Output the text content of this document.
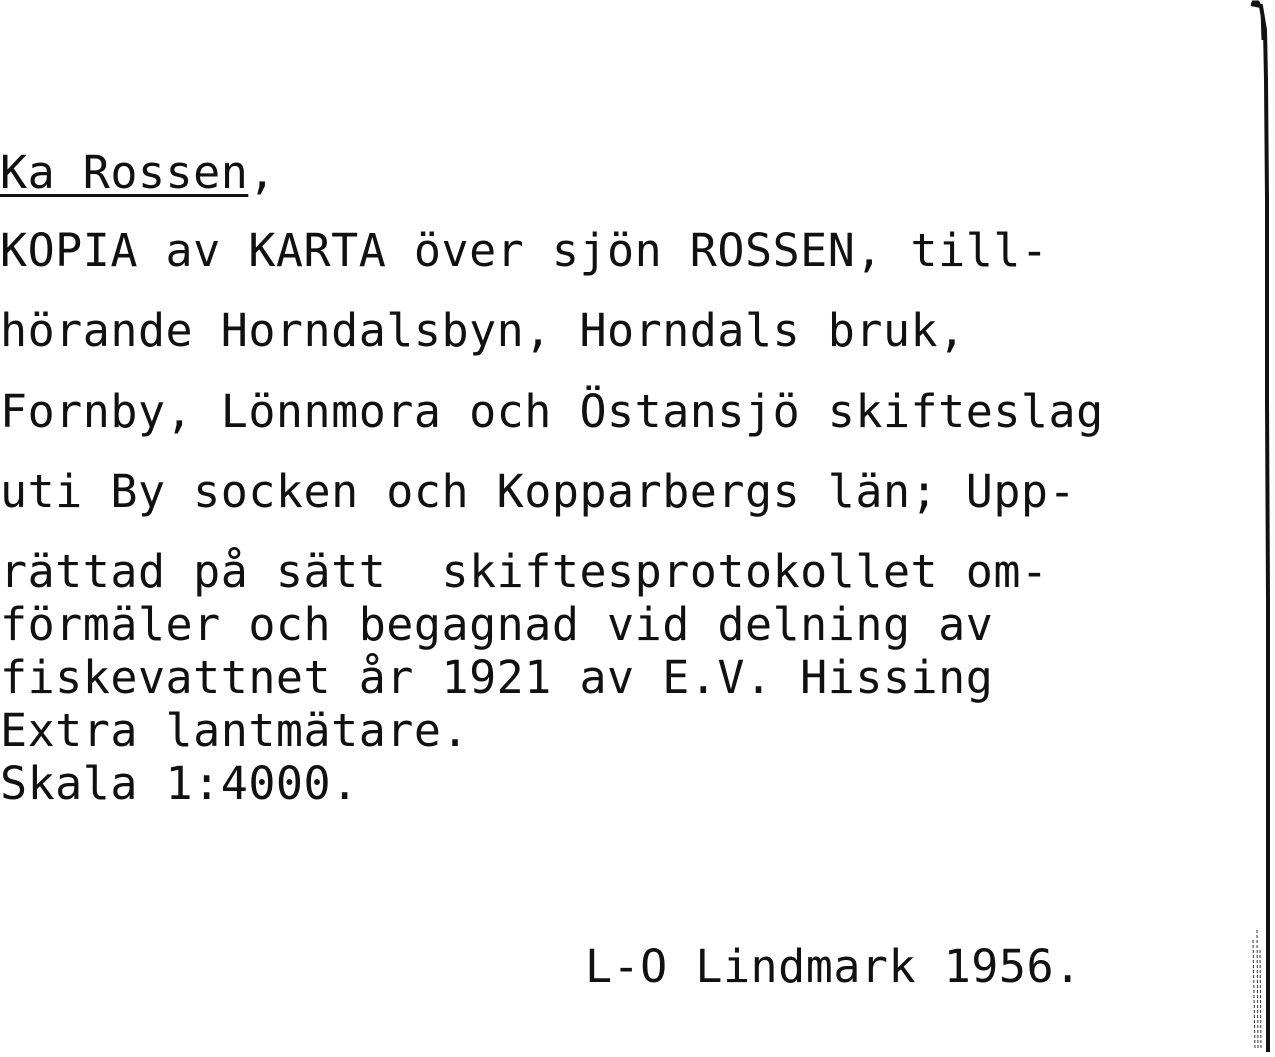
Ka Rossen,

KOPIA av KARTA över sjön ROSSEN, till-

hörande Horndalsbyn, Horndals bruk,

Fornby, Lönnmora och Östansjö skifteslag

uti By socken och Kopparbergs län; Upp-

rättad på sätt  skiftesprotokollet om-

förmäler och begagnad vid delning av

fiskevattnet år 1921 av E.V. Hissing

Extra lantmätare.

Skala 1:4000.

L-O Lindmark 1956.
